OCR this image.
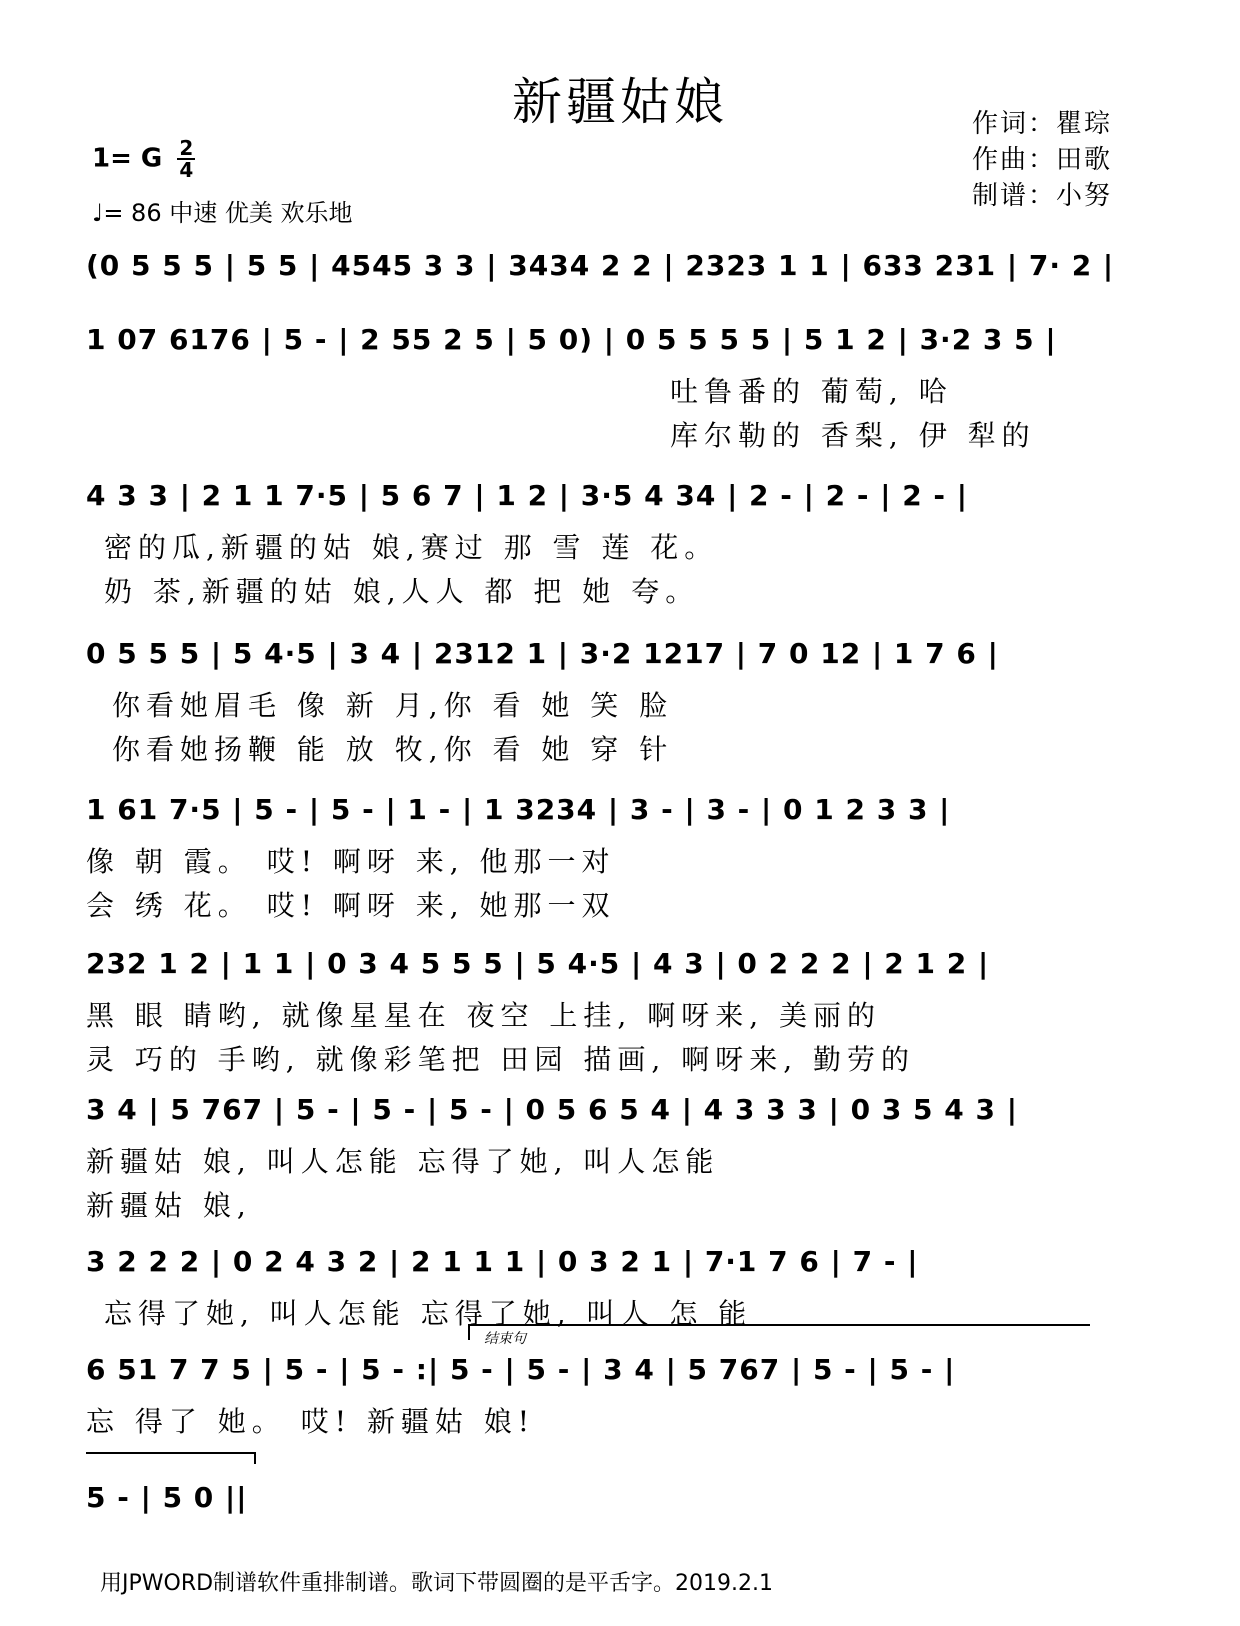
新疆姑娘	作词：瞿琮
作曲：田歌
制谱：小努
1= G $\frac{2}{4}$
♩= 86 中速 优美 欢乐地
(0 5 5 5 | 5 5 | 4545 3 3 | 3434 2 2 | 2323 1 1 | 633 231 | 7· 2 |
1 07 6176 | 5 - | 2 55 2 5 | 5 0) | 0 5 5 5 5 | 5 1 2 | 3·2 3 5 |
吐鲁番的 葡萄, 哈
库尔勒的 香梨, 伊 犁的
4 3 3 | 2 1 1 7·5 | 5 6 7 | 1 2 | 3·5 4 34 | 2 - | 2 - | 2 - |
密的瓜,新疆的姑 娘,赛过 那 雪 莲 花。
奶 茶,新疆的姑 娘,人人 都 把 她 夸。
0 5 5 5 | 5 4·5 | 3 4 | 2312 1 | 3·2 1217 | 7 0 12 | 1 7 6 |
你看她眉毛 像 新 月,你 看 她 笑 脸
你看她扬鞭 能 放 牧,你 看 她 穿 针
1 61 7·5 | 5 - | 5 - | 1 - | 1 3234 | 3 - | 3 - | 0 1 2 3 3 |
像 朝 霞。 哎! 啊呀 来, 他那一对
会 绣 花。 哎! 啊呀 来, 她那一双
232 1 2 | 1 1 | 0 3 4 5 5 5 | 5 4·5 | 4 3 | 0 2 2 2 | 2 1 2 |
黑 眼 睛哟, 就像星星在 夜空 上挂, 啊呀来, 美丽的
灵 巧的 手哟, 就像彩笔把 田园 描画, 啊呀来, 勤劳的
3 4 | 5 767 | 5 - | 5 - | 5 - | 0 5 6 5 4 | 4 3 3 3 | 0 3 5 4 3 |
新疆姑 娘, 叫人怎能 忘得了她, 叫人怎能
新疆姑 娘,
3 2 2 2 | 0 2 4 3 2 | 2 1 1 1 | 0 3 2 1 | 7·1 7 6 | 7 - |
忘得了她, 叫人怎能 忘得了她, 叫人 怎 能
结束句
6 51 7 7 5 | 5 - | 5 - :| 5 - | 5 - | 3 4 | 5 767 | 5 - | 5 - |
忘 得了 她。 哎! 新疆姑 娘!
5 - | 5 0 ||
用JPWORD制谱软件重排制谱。歌词下带圆圈的是平舌字。2019.2.1
